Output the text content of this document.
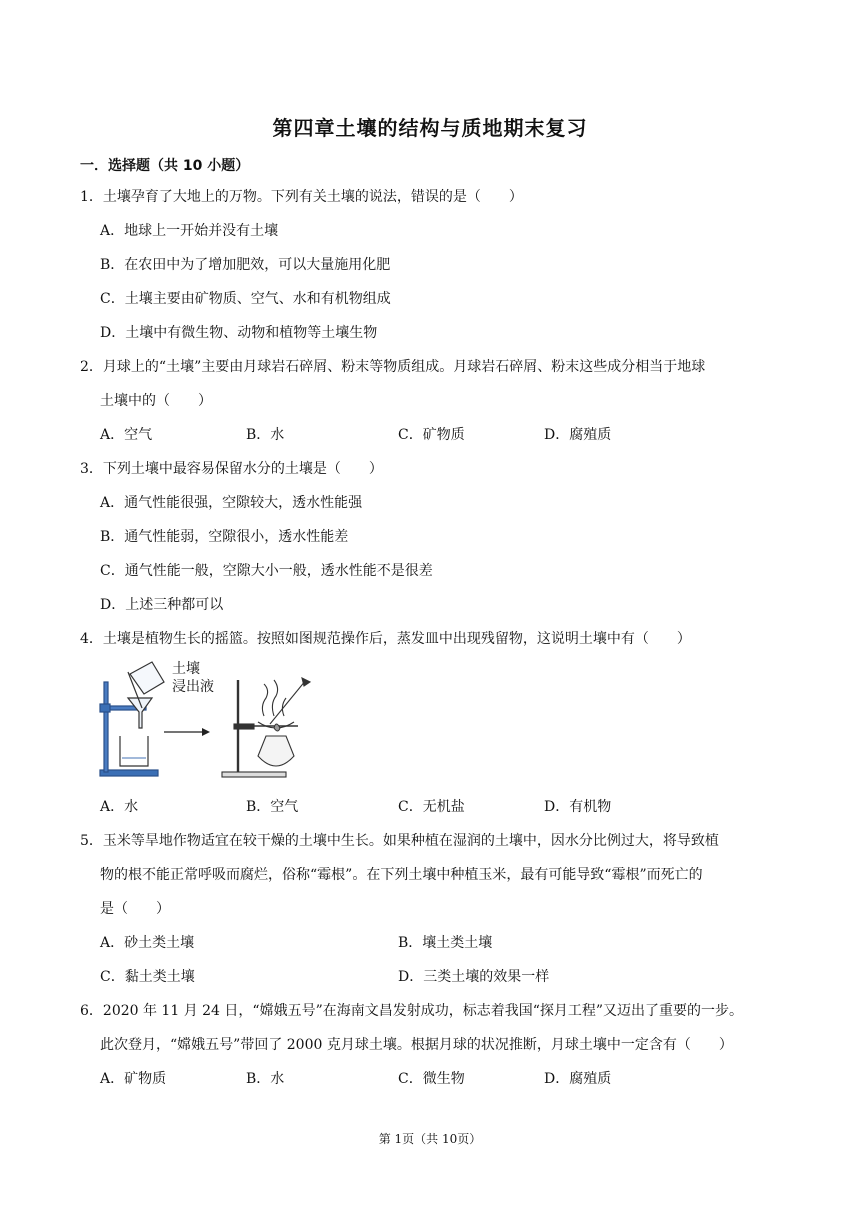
第四章土壤的结构与质地期末复习
一．选择题（共 10 小题）
1．土壤孕育了大地上的万物。下列有关土壤的说法，错误的是（　　）
A．地球上一开始并没有土壤
B．在农田中为了增加肥效，可以大量施用化肥
C．土壤主要由矿物质、空气、水和有机物组成
D．土壤中有微生物、动物和植物等土壤生物
2．月球上的“土壤”主要由月球岩石碎屑、粉末等物质组成。月球岩石碎屑、粉末这些成分相当于地球
土壤中的（　　）
A．空气	B．水	C．矿物质	D．腐殖质
3．下列土壤中最容易保留水分的土壤是（　　）
A．通气性能很强，空隙较大，透水性能强
B．通气性能弱，空隙很小，透水性能差
C．通气性能一般，空隙大小一般，透水性能不是很差
D．上述三种都可以
4．土壤是植物生长的摇篮。按照如图规范操作后，蒸发皿中出现残留物，这说明土壤中有（　　）
土壤
浸出液
A．水	B．空气	C．无机盐	D．有机物
5．玉米等旱地作物适宜在较干燥的土壤中生长。如果种植在湿润的土壤中，因水分比例过大，将导致植
物的根不能正常呼吸而腐烂，俗称“霉根”。在下列土壤中种植玉米，最有可能导致“霉根”而死亡的
是（　　）
A．砂土类土壤	B．壤土类土壤
C．黏土类土壤	D．三类土壤的效果一样
6．2020 年 11 月 24 日，“嫦娥五号”在海南文昌发射成功，标志着我国“探月工程”又迈出了重要的一步。
此次登月，“嫦娥五号”带回了 2000 克月球土壤。根据月球的状况推断，月球土壤中一定含有（　　）
A．矿物质	B．水	C．微生物	D．腐殖质
第 1页（共 10页）
